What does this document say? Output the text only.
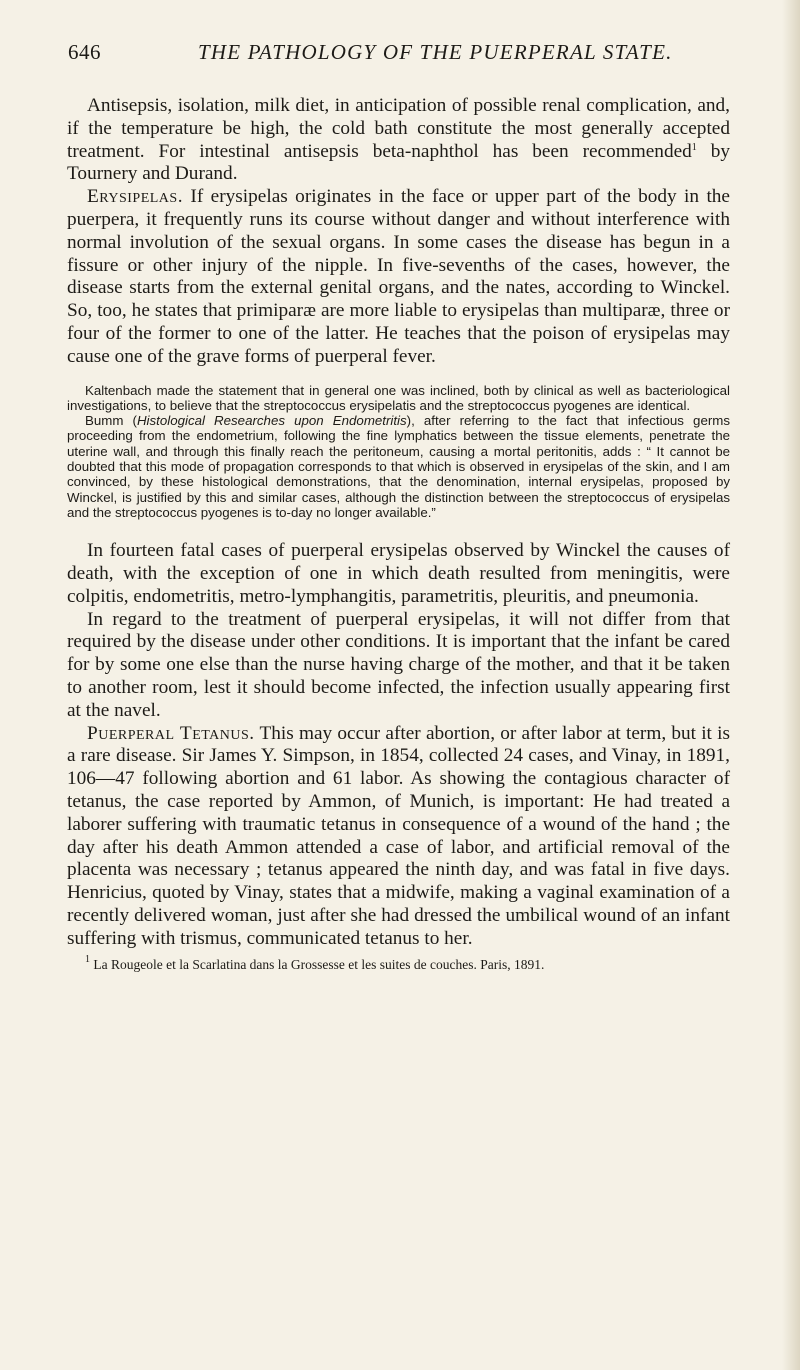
646	THE PATHOLOGY OF THE PUERPERAL STATE.

Antisepsis, isolation, milk diet, in anticipation of possible renal complication, and, if the temperature be high, the cold bath constitute the most generally accepted treatment. For intestinal antisepsis beta-naphthol has been recommended$^1$ by Tournery and Durand.

Erysipelas. If erysipelas originates in the face or upper part of the body in the puerpera, it frequently runs its course without danger and without interference with normal involution of the sexual organs. In some cases the disease has begun in a fissure or other injury of the nipple. In five-sevenths of the cases, however, the disease starts from the external genital organs, and the nates, according to Winckel. So, too, he states that primiparæ are more liable to erysipelas than multiparæ, three or four of the former to one of the latter. He teaches that the poison of erysipelas may cause one of the grave forms of puerperal fever.

Kaltenbach made the statement that in general one was inclined, both by clinical as well as bacteriological investigations, to believe that the streptococcus erysipelatis and the streptococcus pyogenes are identical.

Bumm (Histological Researches upon Endometritis), after referring to the fact that infectious germs proceeding from the endometrium, following the fine lymphatics between the tissue elements, penetrate the uterine wall, and through this finally reach the peritoneum, causing a mortal peritonitis, adds : “ It cannot be doubted that this mode of propagation corresponds to that which is observed in erysipelas of the skin, and I am convinced, by these histological demonstrations, that the denomination, internal erysipelas, proposed by Winckel, is justified by this and similar cases, although the distinction between the streptococcus of erysipelas and the streptococcus pyogenes is to-day no longer available.”

In fourteen fatal cases of puerperal erysipelas observed by Winckel the causes of death, with the exception of one in which death resulted from meningitis, were colpitis, endometritis, metro-lymphangitis, parametritis, pleuritis, and pneumonia.

In regard to the treatment of puerperal erysipelas, it will not differ from that required by the disease under other conditions. It is important that the infant be cared for by some one else than the nurse having charge of the mother, and that it be taken to another room, lest it should become infected, the infection usually appearing first at the navel.

Puerperal Tetanus. This may occur after abortion, or after labor at term, but it is a rare disease. Sir James Y. Simpson, in 1854, collected 24 cases, and Vinay, in 1891, 106—47 following abortion and 61 labor. As showing the contagious character of tetanus, the case reported by Ammon, of Munich, is important: He had treated a laborer suffering with traumatic tetanus in consequence of a wound of the hand ; the day after his death Ammon attended a case of labor, and artificial removal of the placenta was necessary ; tetanus appeared the ninth day, and was fatal in five days. Henricius, quoted by Vinay, states that a midwife, making a vaginal examination of a recently delivered woman, just after she had dressed the umbilical wound of an infant suffering with trismus, communicated tetanus to her.

$^1$ La Rougeole et la Scarlatina dans la Grossesse et les suites de couches. Paris, 1891.
